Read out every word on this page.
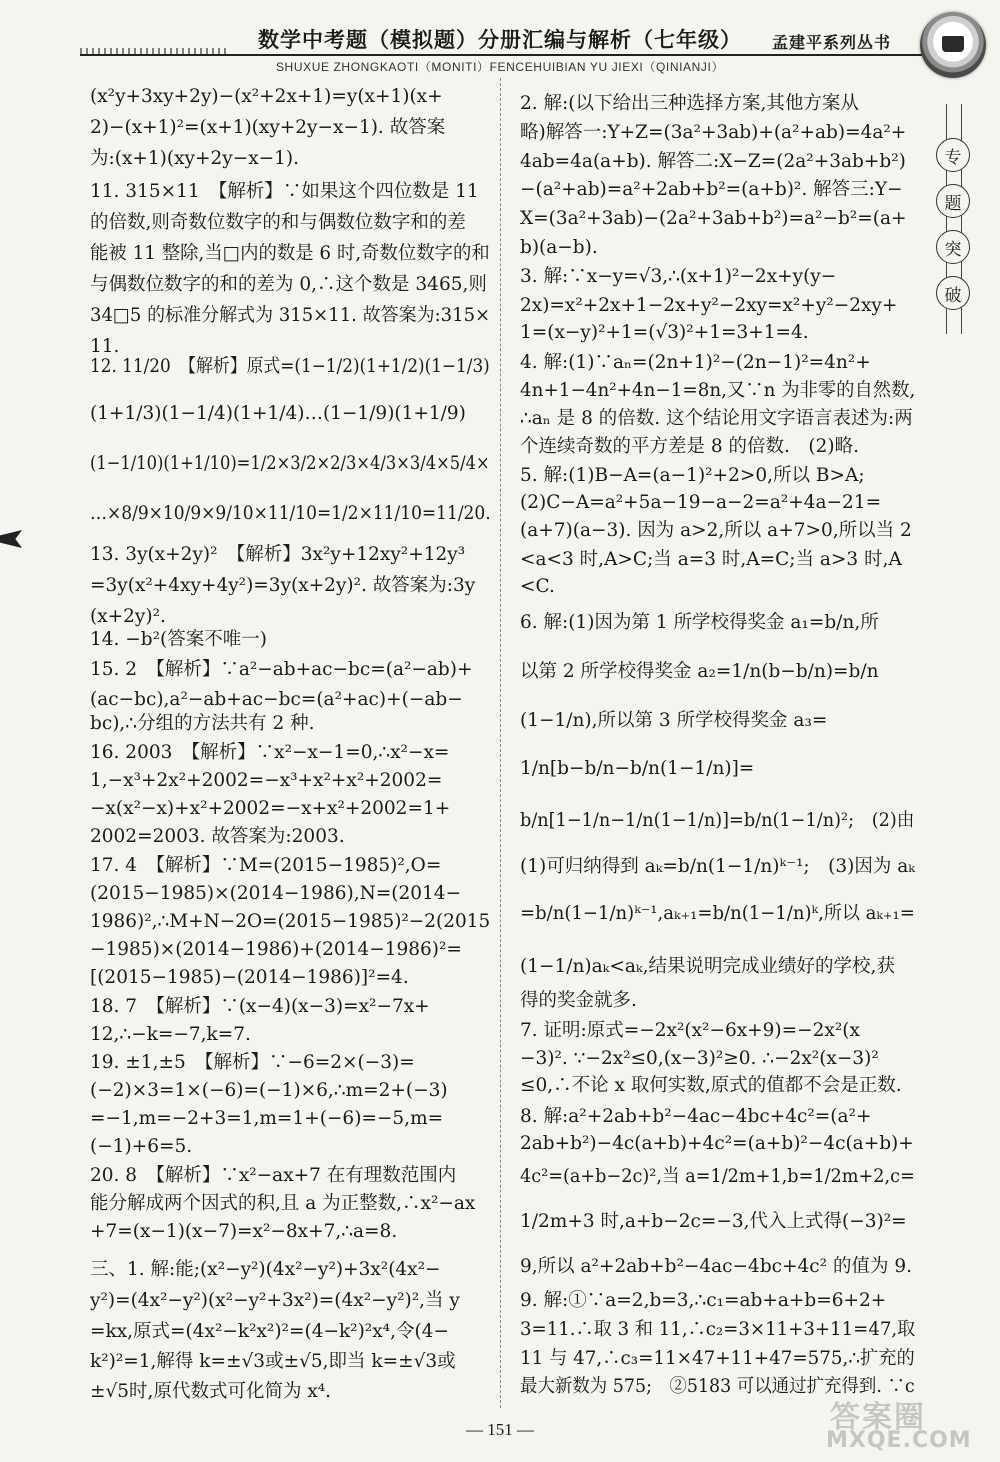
数学中考题（模拟题）分册汇编与解析（七年级）	孟建平系列丛书
SHUXUE ZHONGKAOTI（MONITI）FENCEHUIBIAN YU JIEXI（QINIANJI）
专
题
突
破
(x²y+3xy+2y)−(x²+2x+1)=y(x+1)(x+
2)−(x+1)²=(x+1)(xy+2y−x−1). 故答案
为:(x+1)(xy+2y−x−1).
11. 315×11　【解析】∵如果这个四位数是 11
的倍数,则奇数位数字的和与偶数位数字和的差
能被 11 整除,当□内的数是 6 时,奇数位数字的和
与偶数位数字的和的差为 0,∴这个数是 3465,则
34□5 的标准分解式为 315×11. 故答案为:315×
11.
12. 11/20　【解析】原式=(1−1/2)(1+1/2)(1−1/3)
(1+1/3)(1−1/4)(1+1/4)…(1−1/9)(1+1/9)
(1−1/10)(1+1/10)=1/2×3/2×2/3×4/3×3/4×5/4×
…×8/9×10/9×9/10×11/10=1/2×11/10=11/20.
13. 3y(x+2y)²　【解析】3x²y+12xy²+12y³
=3y(x²+4xy+4y²)=3y(x+2y)². 故答案为:3y
(x+2y)².
14. −b²(答案不唯一)
15. 2　【解析】∵a²−ab+ac−bc=(a²−ab)+
(ac−bc),a²−ab+ac−bc=(a²+ac)+(−ab−
bc),∴分组的方法共有 2 种.
16. 2003　【解析】∵x²−x−1=0,∴x²−x=
1,−x³+2x²+2002=−x³+x²+x²+2002=
−x(x²−x)+x²+2002=−x+x²+2002=1+
2002=2003. 故答案为:2003.
17. 4　【解析】∵M=(2015−1985)²,O=
(2015−1985)×(2014−1986),N=(2014−
1986)²,∴M+N−2O=(2015−1985)²−2(2015
−1985)×(2014−1986)+(2014−1986)²=
[(2015−1985)−(2014−1986)]²=4.
18. 7　【解析】∵(x−4)(x−3)=x²−7x+
12,∴−k=−7,k=7.
19. ±1,±5　【解析】∵−6=2×(−3)=
(−2)×3=1×(−6)=(−1)×6,∴m=2+(−3)
=−1,m=−2+3=1,m=1+(−6)=−5,m=
(−1)+6=5.
20. 8　【解析】∵x²−ax+7 在有理数范围内
能分解成两个因式的积,且 a 为正整数,∴x²−ax
+7=(x−1)(x−7)=x²−8x+7,∴a=8.
三、1. 解:能;(x²−y²)(4x²−y²)+3x²(4x²−
y²)=(4x²−y²)(x²−y²+3x²)=(4x²−y²)²,当 y
=kx,原式=(4x²−k²x²)²=(4−k²)²x⁴,令(4−
k²)²=1,解得 k=±√3或±√5,即当 k=±√3或
±√5时,原代数式可化简为 x⁴.
2. 解:(以下给出三种选择方案,其他方案从
略)解答一:Y+Z=(3a²+3ab)+(a²+ab)=4a²+
4ab=4a(a+b). 解答二:X−Z=(2a²+3ab+b²)
−(a²+ab)=a²+2ab+b²=(a+b)². 解答三:Y−
X=(3a²+3ab)−(2a²+3ab+b²)=a²−b²=(a+
b)(a−b).
3. 解:∵x−y=√3,∴(x+1)²−2x+y(y−
2x)=x²+2x+1−2x+y²−2xy=x²+y²−2xy+
1=(x−y)²+1=(√3)²+1=3+1=4.
4. 解:(1)∵aₙ=(2n+1)²−(2n−1)²=4n²+
4n+1−4n²+4n−1=8n,又∵n 为非零的自然数,
∴aₙ 是 8 的倍数. 这个结论用文字语言表述为:两
个连续奇数的平方差是 8 的倍数.　(2)略.
5. 解:(1)B−A=(a−1)²+2>0,所以 B>A;
(2)C−A=a²+5a−19−a−2=a²+4a−21=
(a+7)(a−3). 因为 a>2,所以 a+7>0,所以当 2
<a<3 时,A>C;当 a=3 时,A=C;当 a>3 时,A
<C.
6. 解:(1)因为第 1 所学校得奖金 a₁=b/n,所
以第 2 所学校得奖金 a₂=1/n(b−b/n)=b/n
(1−1/n),所以第 3 所学校得奖金 a₃=
1/n[b−b/n−b/n(1−1/n)]=
b/n[1−1/n−1/n(1−1/n)]=b/n(1−1/n)²;　(2)由
(1)可归纳得到 aₖ=b/n(1−1/n)ᵏ⁻¹;　(3)因为 aₖ
=b/n(1−1/n)ᵏ⁻¹,aₖ₊₁=b/n(1−1/n)ᵏ,所以 aₖ₊₁=
(1−1/n)aₖ<aₖ,结果说明完成业绩好的学校,获
得的奖金就多.
7. 证明:原式=−2x²(x²−6x+9)=−2x²(x
−3)². ∵−2x²≤0,(x−3)²≥0. ∴−2x²(x−3)²
≤0,∴不论 x 取何实数,原式的值都不会是正数.
8. 解:a²+2ab+b²−4ac−4bc+4c²=(a²+
2ab+b²)−4c(a+b)+4c²=(a+b)²−4c(a+b)+
4c²=(a+b−2c)²,当 a=1/2m+1,b=1/2m+2,c=
1/2m+3 时,a+b−2c=−3,代入上式得(−3)²=
9,所以 a²+2ab+b²−4ac−4bc+4c² 的值为 9.
9. 解:①∵a=2,b=3,∴c₁=ab+a+b=6+2+
3=11.∴取 3 和 11,∴c₂=3×11+3+11=47,取
11 与 47,∴c₃=11×47+11+47=575,∴扩充的
最大新数为 575;　②5183 可以通过扩充得到. ∵c
— 151 —	答案圈
MXQE.COM
